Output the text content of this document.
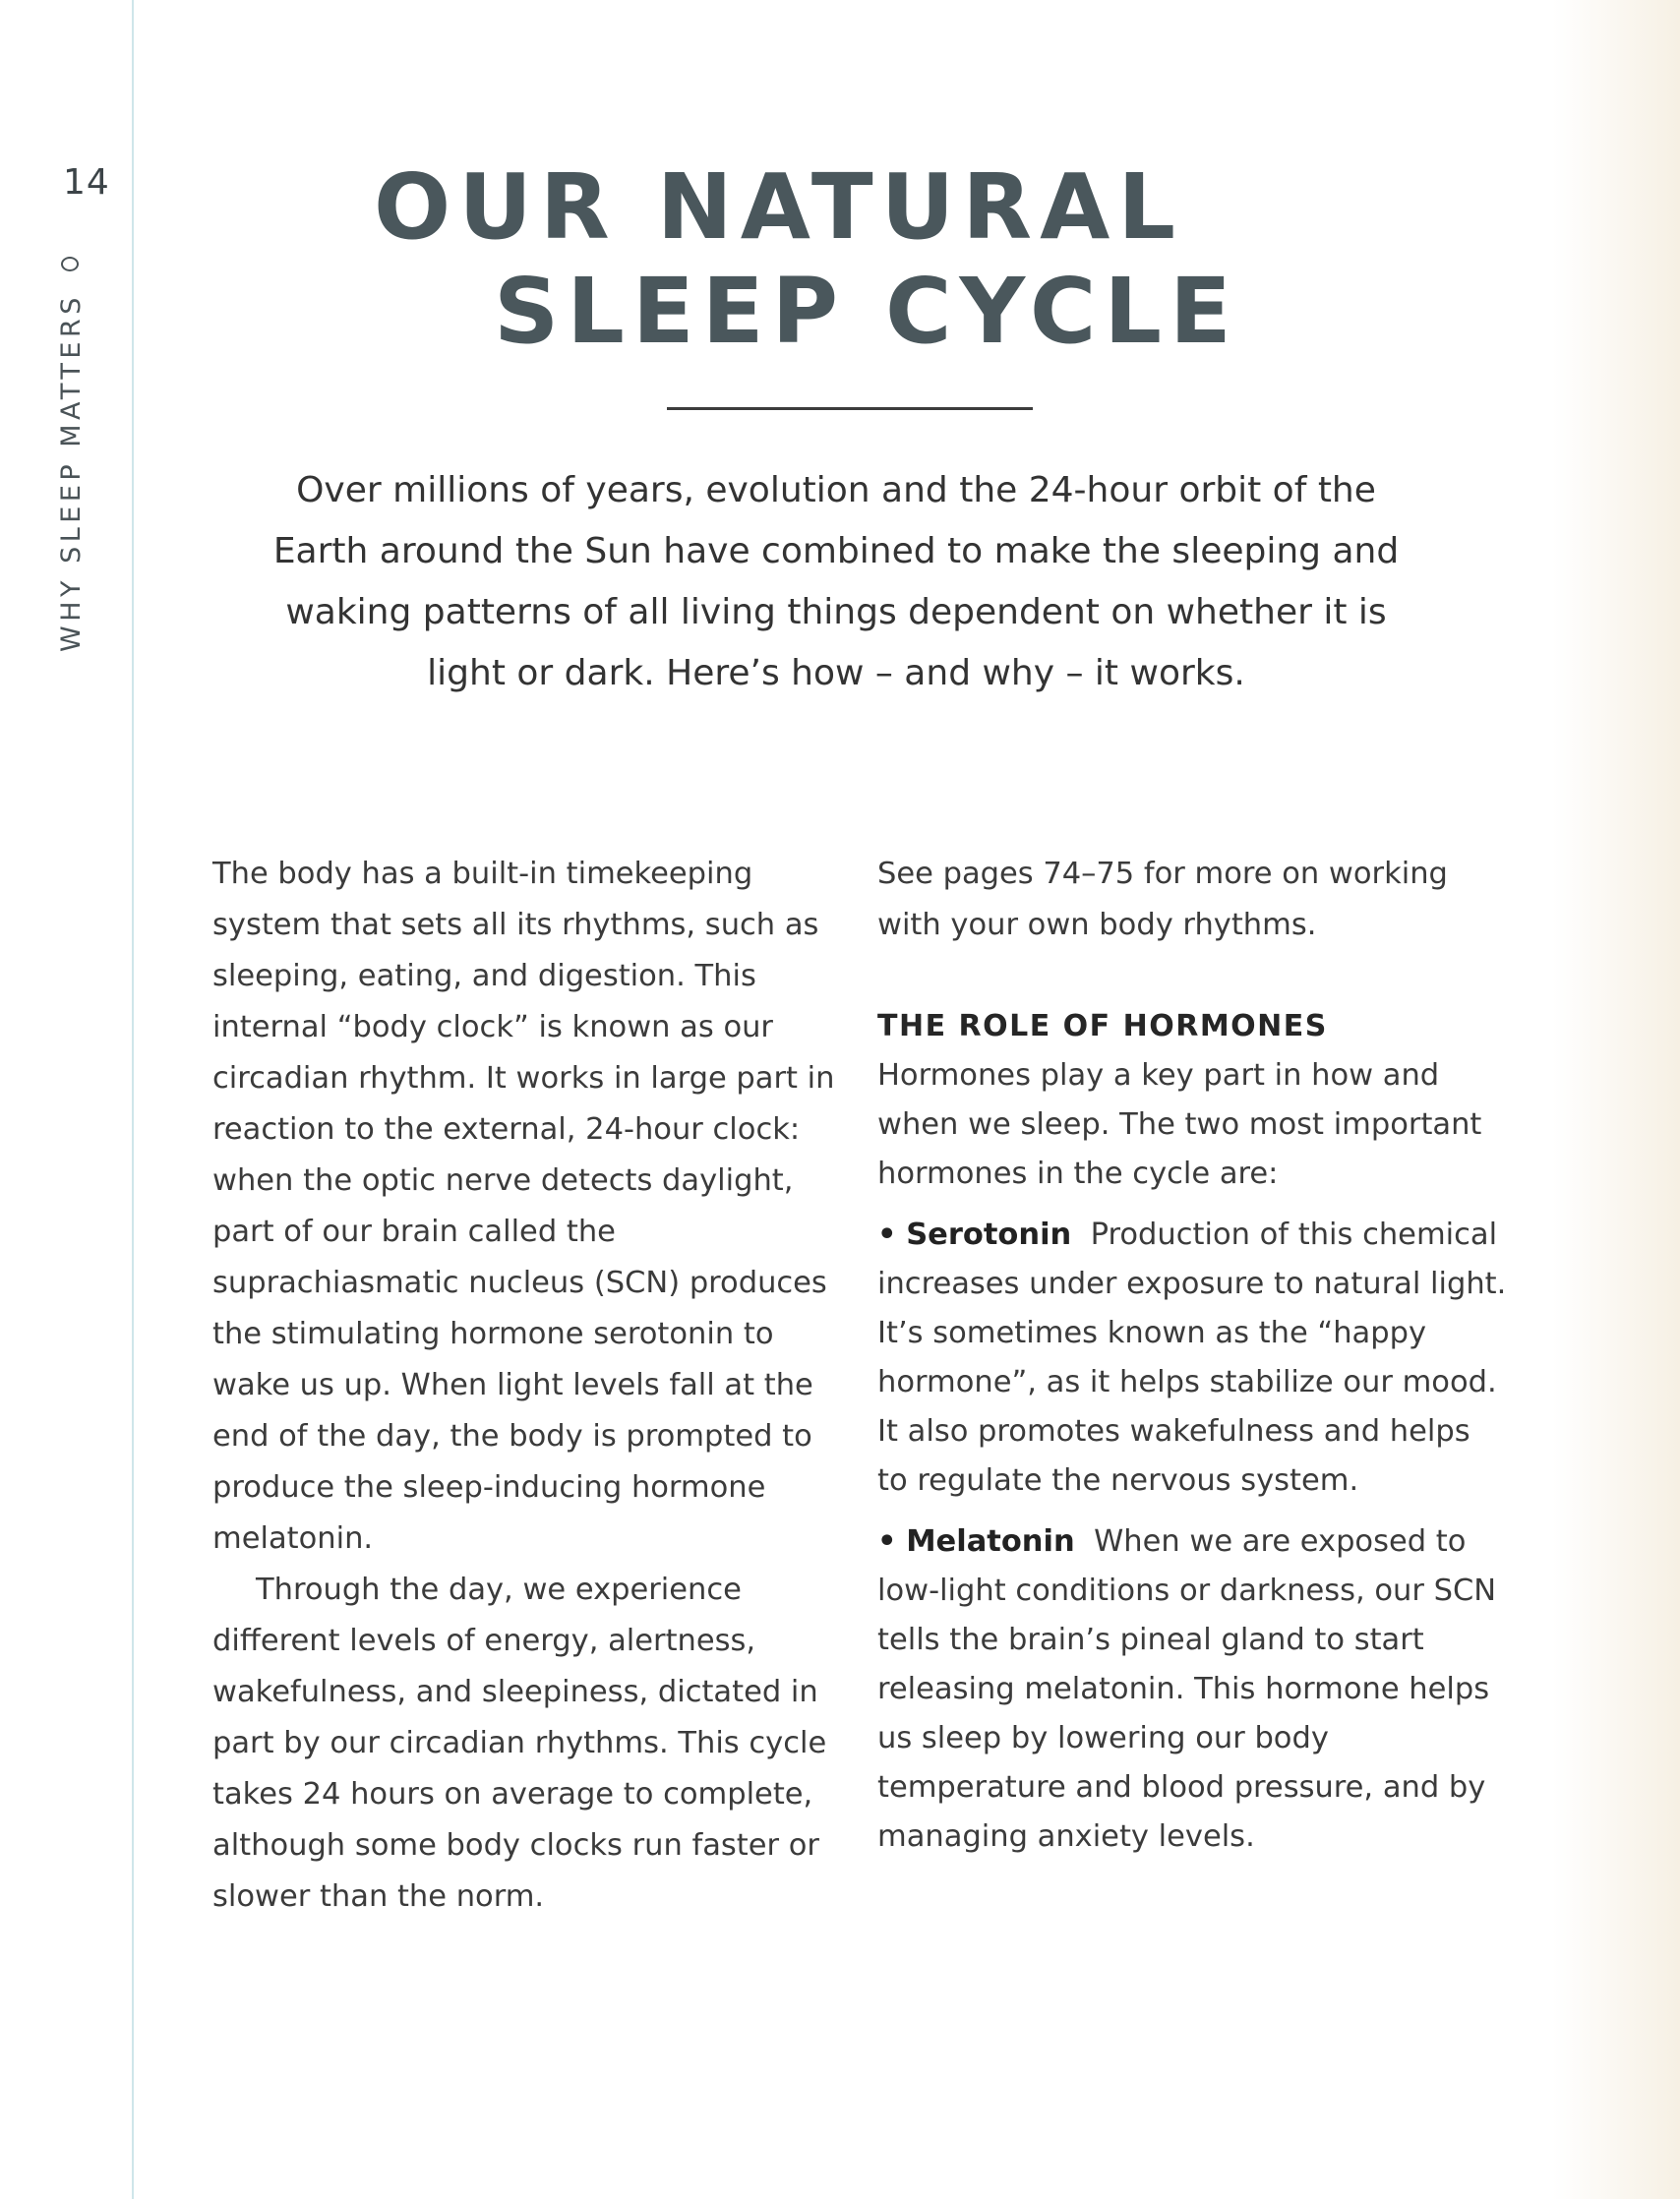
14
WHY SLEEP MATTERS
OUR NATURAL
SLEEP CYCLE

Over millions of years, evolution and the 24-hour orbit of the Earth around the Sun have combined to make the sleeping and waking patterns of all living things dependent on whether it is light or dark. Here’s how – and why – it works.

The body has a built-in timekeeping system that sets all its rhythms, such as sleeping, eating, and digestion. This internal “body clock” is known as our circadian rhythm. It works in large part in reaction to the external, 24-hour clock: when the optic nerve detects daylight, part of our brain called the suprachiasmatic nucleus (SCN) produces the stimulating hormone serotonin to wake us up. When light levels fall at the end of the day, the body is prompted to produce the sleep-inducing hormone melatonin.

Through the day, we experience different levels of energy, alertness, wakefulness, and sleepiness, dictated in part by our circadian rhythms. This cycle takes 24 hours on average to complete, although some body clocks run faster or slower than the norm.

See pages 74–75 for more on working with your own body rhythms.

THE ROLE OF HORMONES

Hormones play a key part in how and when we sleep. The two most important hormones in the cycle are:

• Serotonin Production of this chemical increases under exposure to natural light. It’s sometimes known as the “happy hormone”, as it helps stabilize our mood. It also promotes wakefulness and helps to regulate the nervous system.

• Melatonin When we are exposed to low-light conditions or darkness, our SCN tells the brain’s pineal gland to start releasing melatonin. This hormone helps us sleep by lowering our body temperature and blood pressure, and by managing anxiety levels.
